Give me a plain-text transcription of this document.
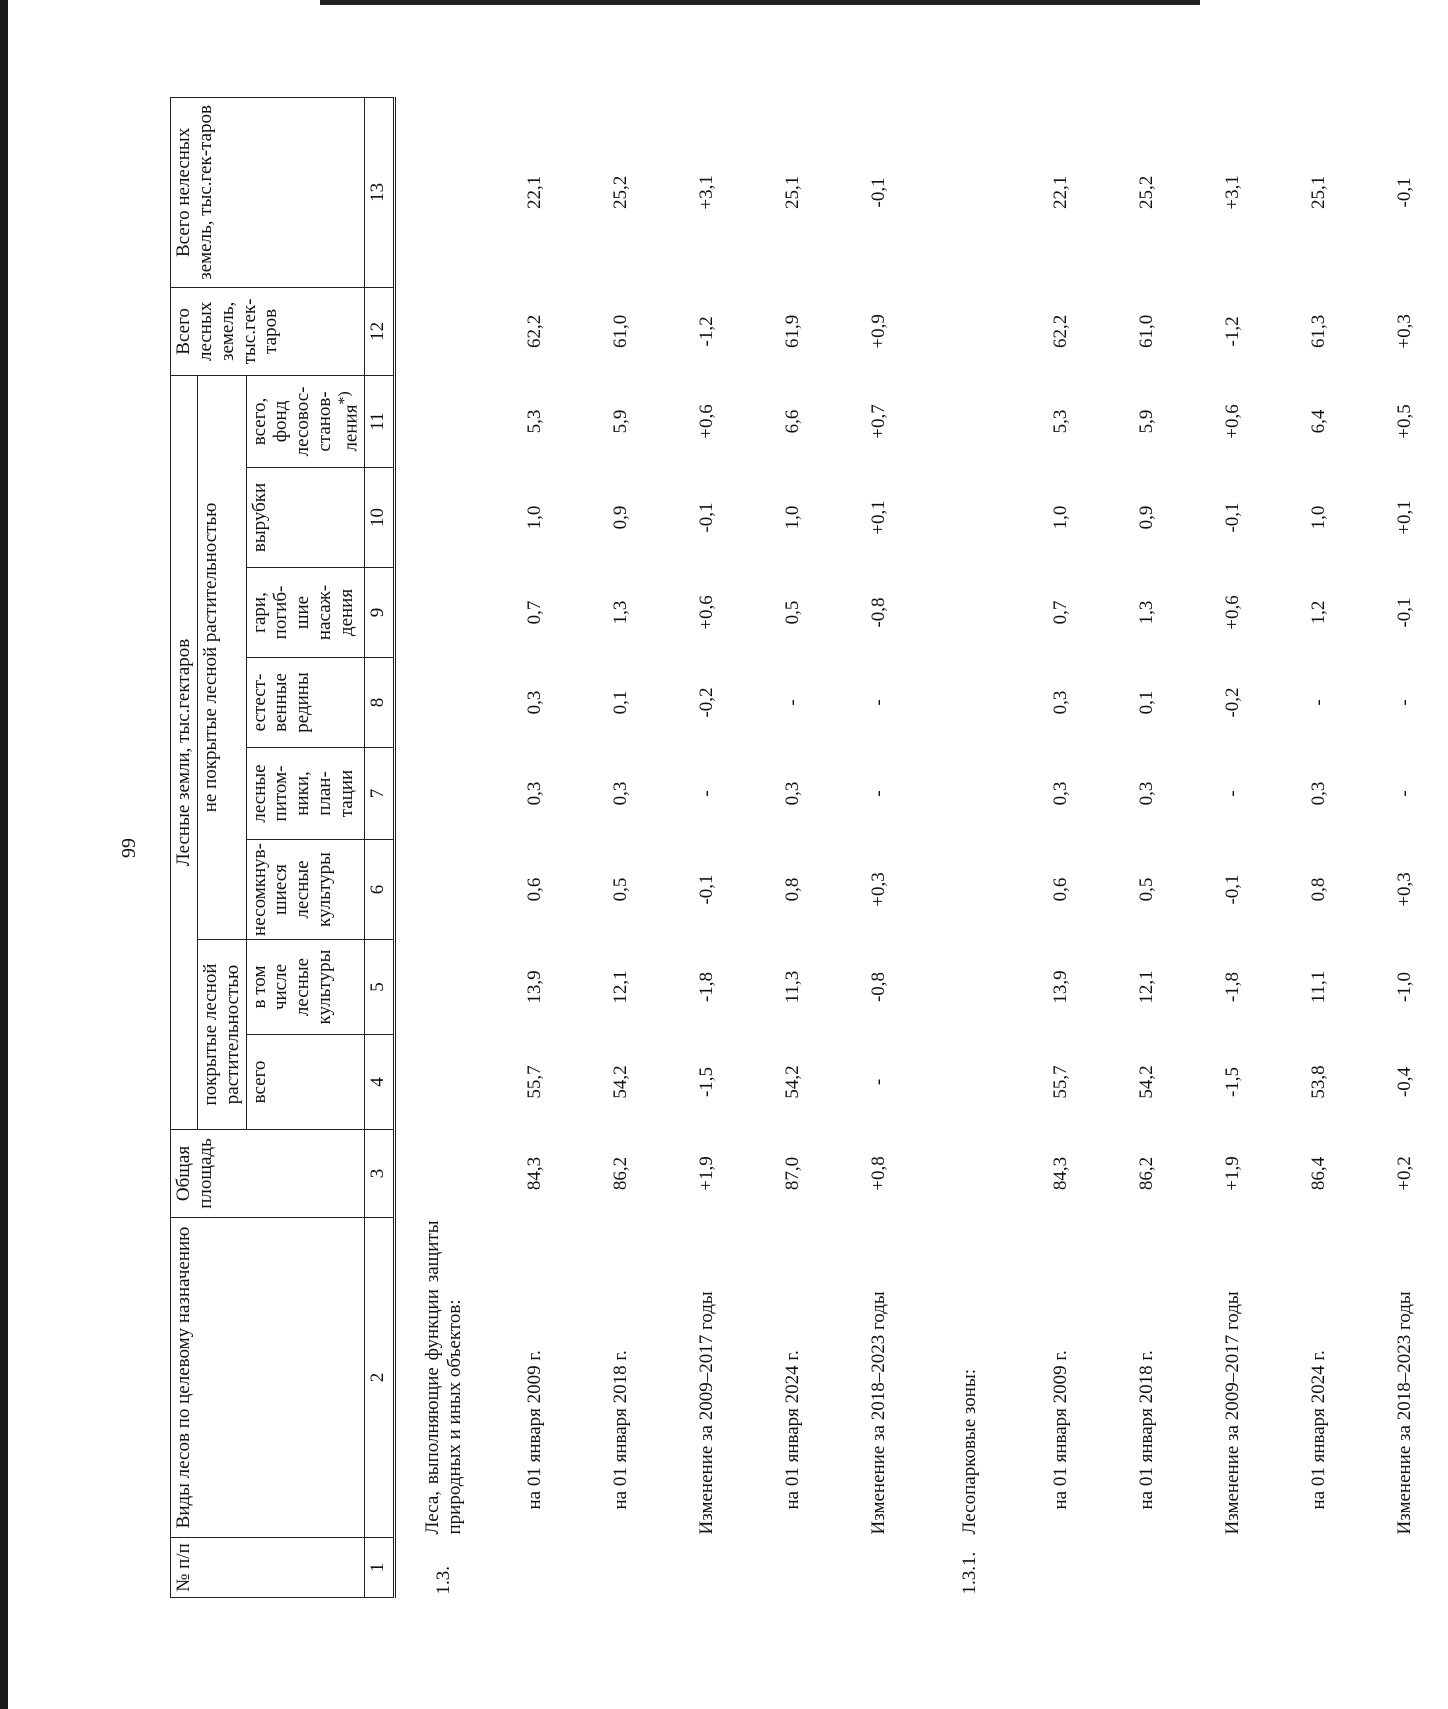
99
№ п/п	Виды лесов по целевому назначению	Общая площадь	Лесные земли, тыс.гектаров								Всего лесных земель, тыс.гек-таров	Всего нелесных земель, тыс.гек-таров
			покрытые лесной растительностью		не покрытые лесной растительностью							
			всего	в том числе лесные культуры	несомкнув-шиеся лесные культуры	лесные питом-ники, план-тации	естест-венные редины	гари, погиб-шие насаж-дения	вырубки	всего, фонд лесовос-станов-ления*)
1	2	3	4	5	6	7	8	9	10	11	12	13
1.3.	Леса, выполняющие функции защиты природных и иных объектов:											
	на 01 января 2009 г.	84,3	55,7	13,9	0,6	0,3	0,3	0,7	1,0	5,3	62,2	22,1
	на 01 января 2018 г.	86,2	54,2	12,1	0,5	0,3	0,1	1,3	0,9	5,9	61,0	25,2
	Изменение за 2009–2017 годы	+1,9	-1,5	-1,8	-0,1	-	-0,2	+0,6	-0,1	+0,6	-1,2	+3,1
	на 01 января 2024 г.	87,0	54,2	11,3	0,8	0,3	-	0,5	1,0	6,6	61,9	25,1
	Изменение за 2018–2023 годы	+0,8	-	-0,8	+0,3	-	-	-0,8	+0,1	+0,7	+0,9	-0,1
1.3.1.	Лесопарковые зоны:											
	на 01 января 2009 г.	84,3	55,7	13,9	0,6	0,3	0,3	0,7	1,0	5,3	62,2	22,1
	на 01 января 2018 г.	86,2	54,2	12,1	0,5	0,3	0,1	1,3	0,9	5,9	61,0	25,2
	Изменение за 2009–2017 годы	+1,9	-1,5	-1,8	-0,1	-	-0,2	+0,6	-0,1	+0,6	-1,2	+3,1
	на 01 января 2024 г.	86,4	53,8	11,1	0,8	0,3	-	1,2	1,0	6,4	61,3	25,1
	Изменение за 2018–2023 годы	+0,2	-0,4	-1,0	+0,3	-	-	-0,1	+0,1	+0,5	+0,3	-0,1
